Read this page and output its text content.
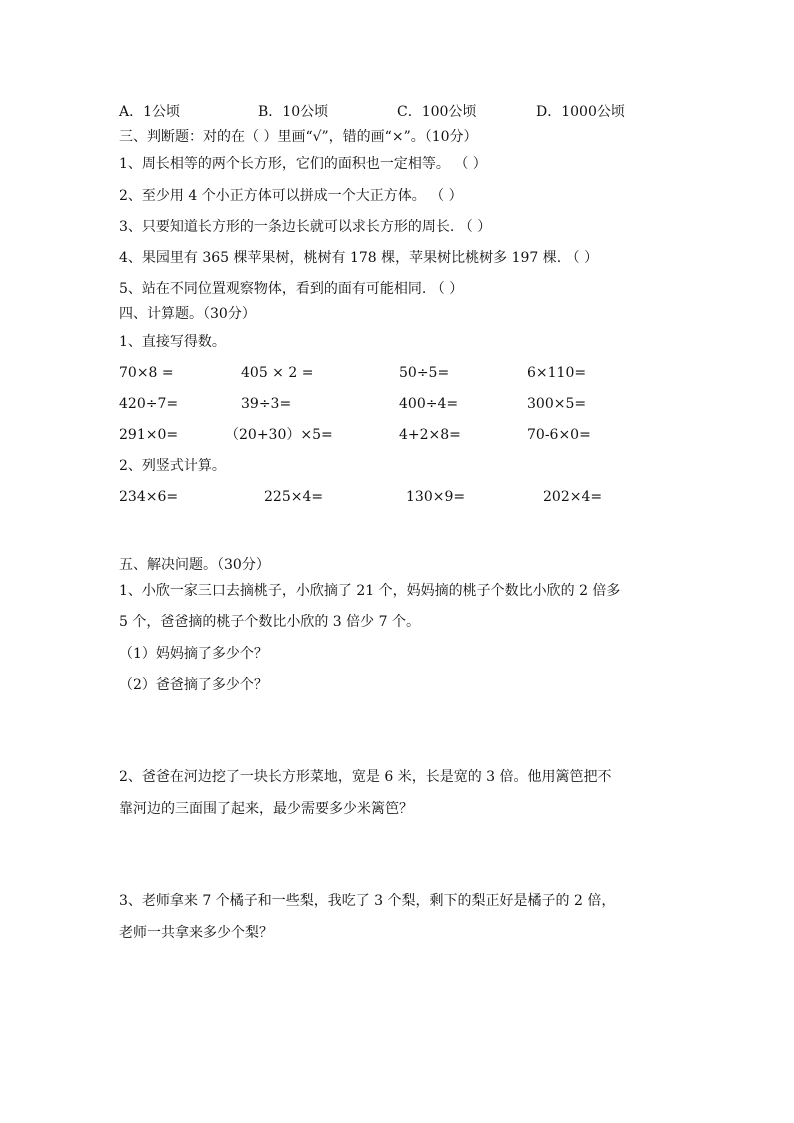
A．1公顷	B．10公顷	C．100公顷	D．1000公顷
三、判断题：对的在（ ）里画“√”，错的画“×”。（10分）
1、周长相等的两个长方形，它们的面积也一定相等。 （ ）
2、至少用 4 个小正方体可以拼成一个大正方体。 （ ）
3、只要知道长方形的一条边长就可以求长方形的周长. （ ）
4、果园里有 365 棵苹果树，桃树有 178 棵，苹果树比桃树多 197 棵. （ ）
5、站在不同位置观察物体，看到的面有可能相同. （ ）
四、计算题。（30分）
1、直接写得数。
70×8 =	405 × 2 =	50÷5=	6×110=
420÷7=	39÷3=	400÷4=	300×5=
291×0=	（20+30）×5=	4+2×8=	70-6×0=
2、列竖式计算。
234×6=	225×4=	130×9=	202×4=
五、解决问题。（30分）
1、小欣一家三口去摘桃子，小欣摘了 21 个，妈妈摘的桃子个数比小欣的 2 倍多
5 个，爸爸摘的桃子个数比小欣的 3 倍少 7 个。
（1）妈妈摘了多少个？
（2）爸爸摘了多少个？
2、爸爸在河边挖了一块长方形菜地，宽是 6 米，长是宽的 3 倍。他用篱笆把不
靠河边的三面围了起来，最少需要多少米篱笆？
3、老师拿来 7 个橘子和一些梨，我吃了 3 个梨，剩下的梨正好是橘子的 2 倍，
老师一共拿来多少个梨？
